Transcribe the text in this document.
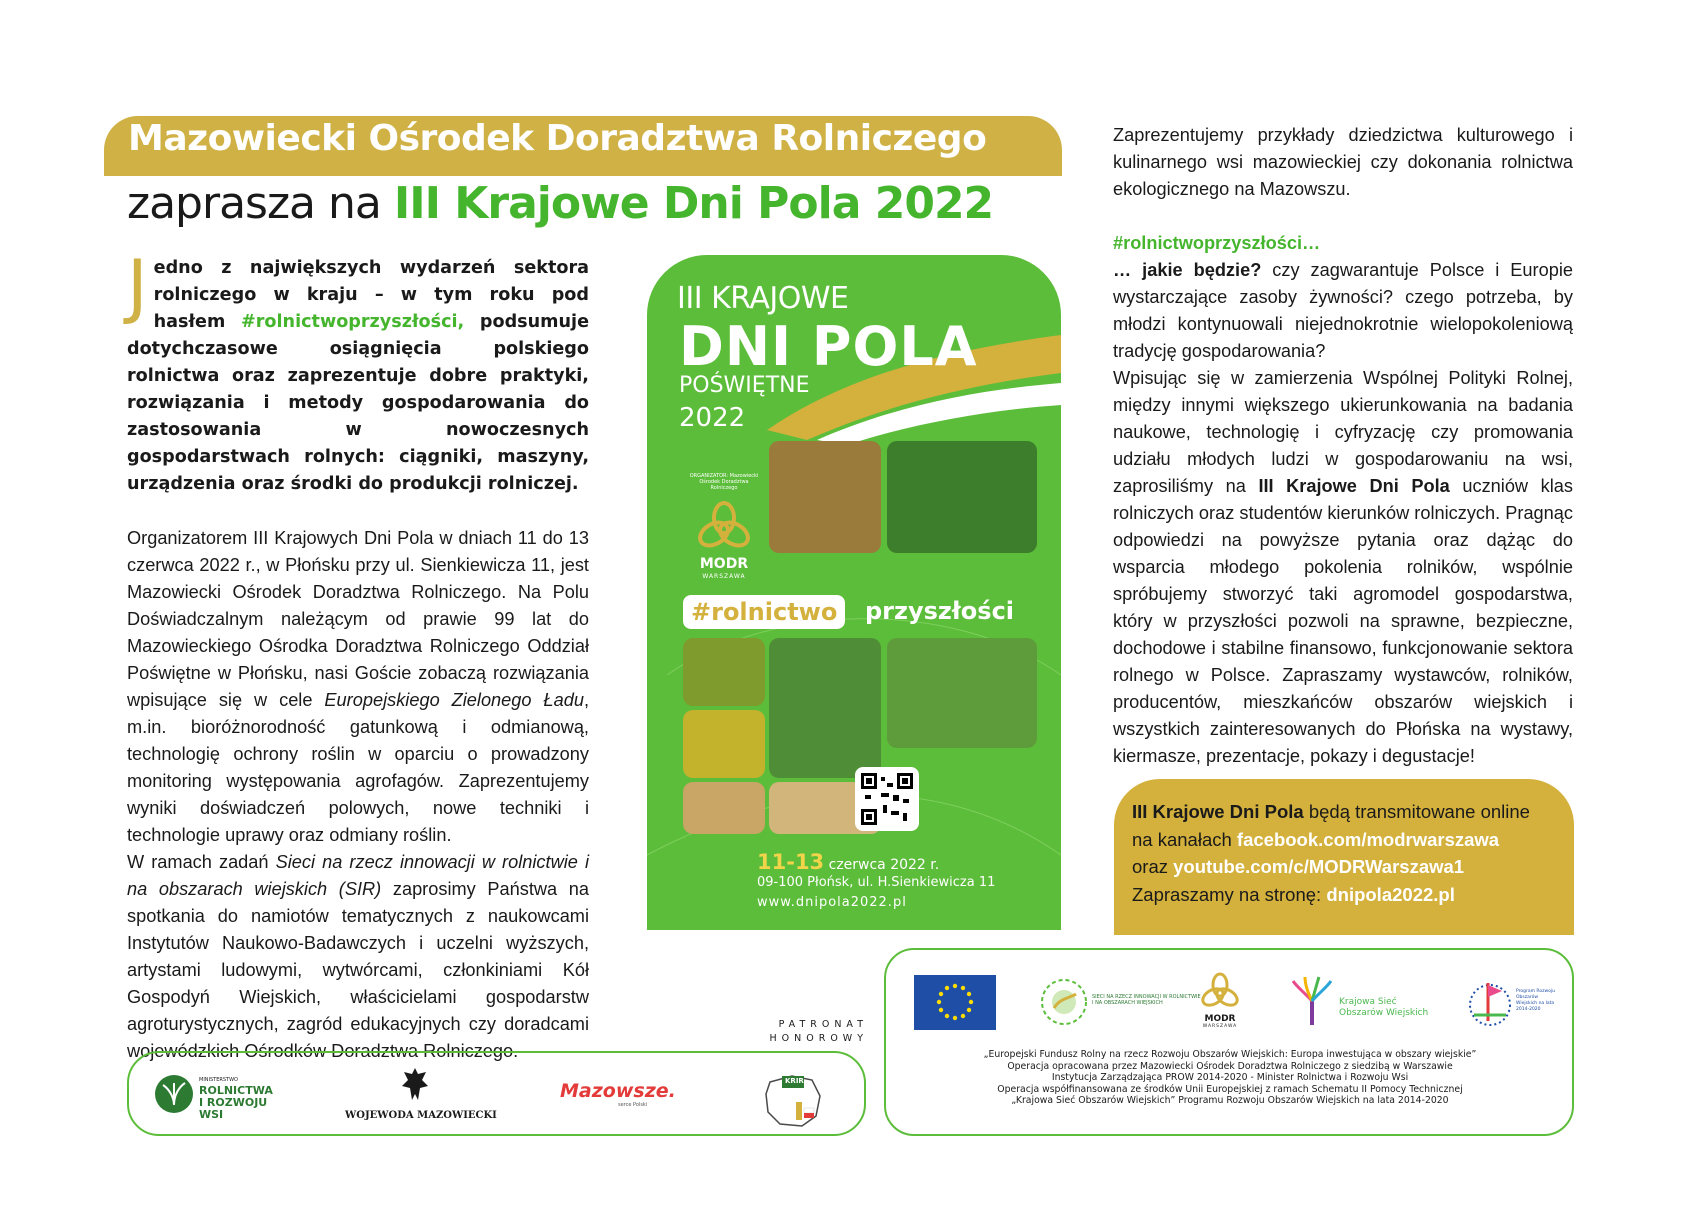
Mazowiecki Ośrodek Doradztwa Rolniczego
zaprasza na III Krajowe Dni Pola 2022

Jedno z największych wydarzeń sektora rolniczego w kraju – w tym roku pod hasłem #rolnictwoprzyszłości, podsumuje dotychczasowe osiągnięcia polskiego rolnictwa oraz zaprezentuje dobre praktyki, rozwiązania i metody gospodarowania do zastosowania w nowoczesnych gospodarstwach rolnych: ciągniki, maszyny, urządzenia oraz środki do produkcji rolniczej.

Organizatorem III Krajowych Dni Pola w dniach 11 do 13 czerwca 2022 r., w Płońsku przy ul. Sienkiewicza 11, jest Mazowiecki Ośrodek Doradztwa Rolniczego. Na Polu Doświadczalnym należącym od prawie 99 lat do Mazowieckiego Ośrodka Doradztwa Rolniczego Oddział Poświętne w Płońsku, nasi Goście zobaczą rozwiązania wpisujące się w cele Europejskiego Zielonego Ładu, m.in. bioróżnorodność gatunkową i odmianową, technologię ochrony roślin w oparciu o prowadzony monitoring występowania agrofagów. Zaprezentujemy wyniki doświadczeń polowych, nowe techniki i technologie uprawy oraz odmiany roślin.

W ramach zadań Sieci na rzecz innowacji w rolnictwie i na obszarach wiejskich (SIR) zaprosimy Państwa na spotkania do namiotów tematycznych z naukowcami Instytutów Naukowo-Badawczych i uczelni wyższych, artystami ludowymi, wytwórcami, członkiniami Kół Gospodyń Wiejskich, właścicielami gospodarstw agroturystycznych, zagród edukacyjnych czy doradcami wojewódzkich Ośrodków Doradztwa Rolniczego.

III KRAJOWE
DNI POLA
POŚWIĘTNE
2022
ORGANIZATOR: Mazowiecki Ośrodek Doradztwa Rolniczego
MODR
WARSZAWA
#rolnictwo	przyszłości
11-13 czerwca 2022 r.
09-100 Płońsk, ul. H.Sienkiewicza 11
www.dnipola2022.pl

Zaprezentujemy przykłady dziedzictwa kulturowego i kulinarnego wsi mazowieckiej czy dokonania rolnictwa ekologicznego na Mazowszu.

#rolnictwoprzyszłości…

… jakie będzie? czy zagwarantuje Polsce i Europie wystarczające zasoby żywności? czego potrzeba, by młodzi kontynuowali niejednokrotnie wielopokoleniową tradycję gospodarowania?

Wpisując się w zamierzenia Wspólnej Polityki Rolnej, między innymi większego ukierunkowania na badania naukowe, technologię i cyfryzację czy promowania udziału młodych ludzi w gospodarowaniu na wsi, zaprosiliśmy na III Krajowe Dni Pola uczniów klas rolniczych oraz studentów kierunków rolniczych. Pragnąc odpowiedzi na powyższe pytania oraz dążąc do wsparcia młodego pokolenia rolników, wspólnie spróbujemy stworzyć taki agromodel gospodarstwa, który w przyszłości pozwoli na sprawne, bezpieczne, dochodowe i stabilne finansowo, funkcjonowanie sektora rolnego w Polsce. Zapraszamy wystawców, rolników, producentów, mieszkańców obszarów wiejskich i wszystkich zainteresowanych do Płońska na wystawy, kiermasze, prezentacje, pokazy i degustacje!

III Krajowe Dni Pola będą transmitowane online
na kanałach facebook.com/modrwarszawa
oraz youtube.com/c/MODRWarszawa1
Zapraszamy na stronę: dnipola2022.pl
PATRONAT HONOROWY
MINISTERSTWO
ROLNICTWA I ROZWOJU WSI	WOJEWODA MAZOWIECKI
Mazowsze.
serce Polski
KRIR
SIECI NA RZECZ INNOWACJI W ROLNICTWIE I NA OBSZARACH WIEJSKICH
MODR
WARSZAWA
Krajowa Sieć Obszarów Wiejskich
Program Rozwoju Obszarów Wiejskich na lata 2014-2020
„Europejski Fundusz Rolny na rzecz Rozwoju Obszarów Wiejskich: Europa inwestująca w obszary wiejskie”
Operacja opracowana przez Mazowiecki Ośrodek Doradztwa Rolniczego z siedzibą w Warszawie
Instytucja Zarządzająca PROW 2014-2020 - Minister Rolnictwa i Rozwoju Wsi
Operacja współfinansowana ze środków Unii Europejskiej z ramach Schematu II Pomocy Technicznej
„Krajowa Sieć Obszarów Wiejskich” Programu Rozwoju Obszarów Wiejskich na lata 2014-2020
